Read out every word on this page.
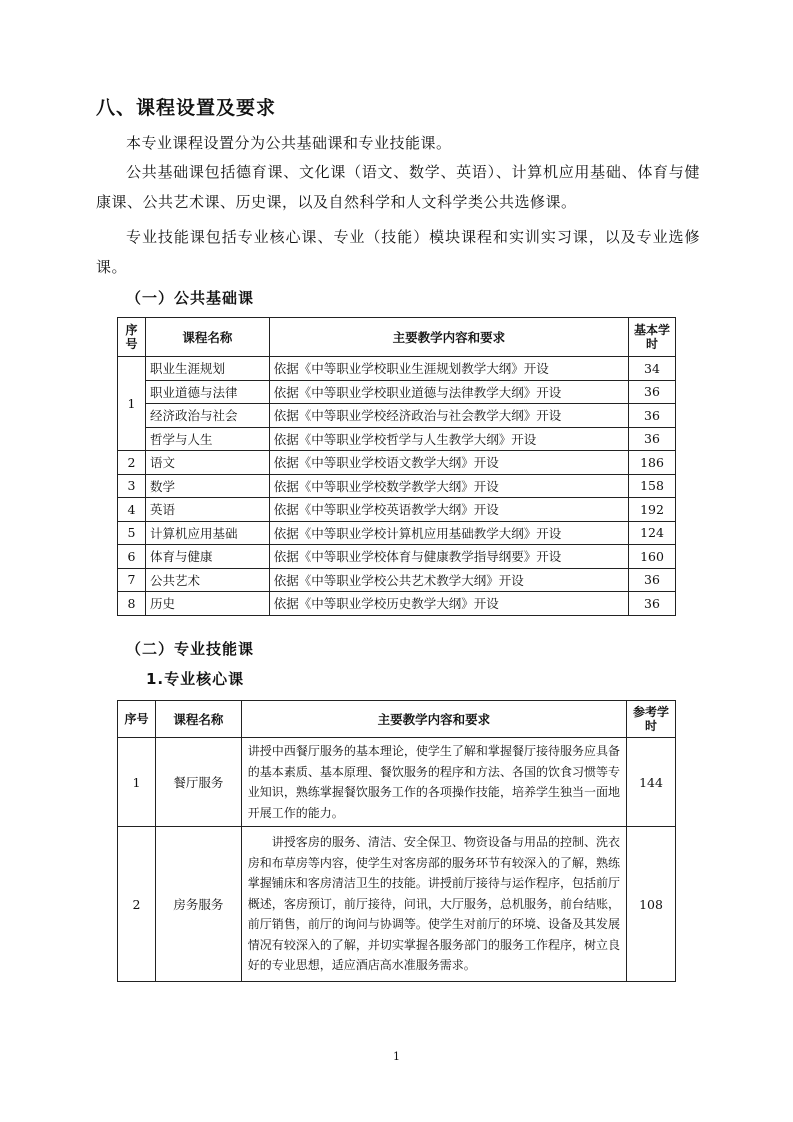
八、课程设置及要求
本专业课程设置分为公共基础课和专业技能课。
公共基础课包括德育课、文化课（语文、数学、英语）、计算机应用基础、体育与健康课、公共艺术课、历史课，以及自然科学和人文科学类公共选修课。
专业技能课包括专业核心课、专业（技能）模块课程和实训实习课，以及专业选修课。
（一）公共基础课
序号	课程名称	主要教学内容和要求	基本学时
1	职业生涯规划	依据《中等职业学校职业生涯规划教学大纲》开设	34
	职业道德与法律	依据《中等职业学校职业道德与法律教学大纲》开设	36
	经济政治与社会	依据《中等职业学校经济政治与社会教学大纲》开设	36
	哲学与人生	依据《中等职业学校哲学与人生教学大纲》开设	36
2	语文	依据《中等职业学校语文教学大纲》开设	186
3	数学	依据《中等职业学校数学教学大纲》开设	158
4	英语	依据《中等职业学校英语教学大纲》开设	192
5	计算机应用基础	依据《中等职业学校计算机应用基础教学大纲》开设	124
6	体育与健康	依据《中等职业学校体育与健康教学指导纲要》开设	160
7	公共艺术	依据《中等职业学校公共艺术教学大纲》开设	36
8	历史	依据《中等职业学校历史教学大纲》开设	36
（二）专业技能课
1.专业核心课
序号	课程名称	主要教学内容和要求	参考学时
1	餐厅服务	讲授中西餐厅服务的基本理论，使学生了解和掌握餐厅接待服务应具备的基本素质、基本原理、餐饮服务的程序和方法、各国的饮食习惯等专业知识，熟练掌握餐饮服务工作的各项操作技能，培养学生独当一面地开展工作的能力。	144
2	房务服务	讲授客房的服务、清洁、安全保卫、物资设备与用品的控制、洗衣房和布草房等内容，使学生对客房部的服务环节有较深入的了解，熟练掌握铺床和客房清洁卫生的技能。讲授前厅接待与运作程序，包括前厅概述，客房预订，前厅接待，问讯，大厅服务，总机服务，前台结账，前厅销售，前厅的询问与协调等。使学生对前厅的环境、设备及其发展情况有较深入的了解，并切实掌握各服务部门的服务工作程序，树立良好的专业思想，适应酒店高水准服务需求。	108
1
